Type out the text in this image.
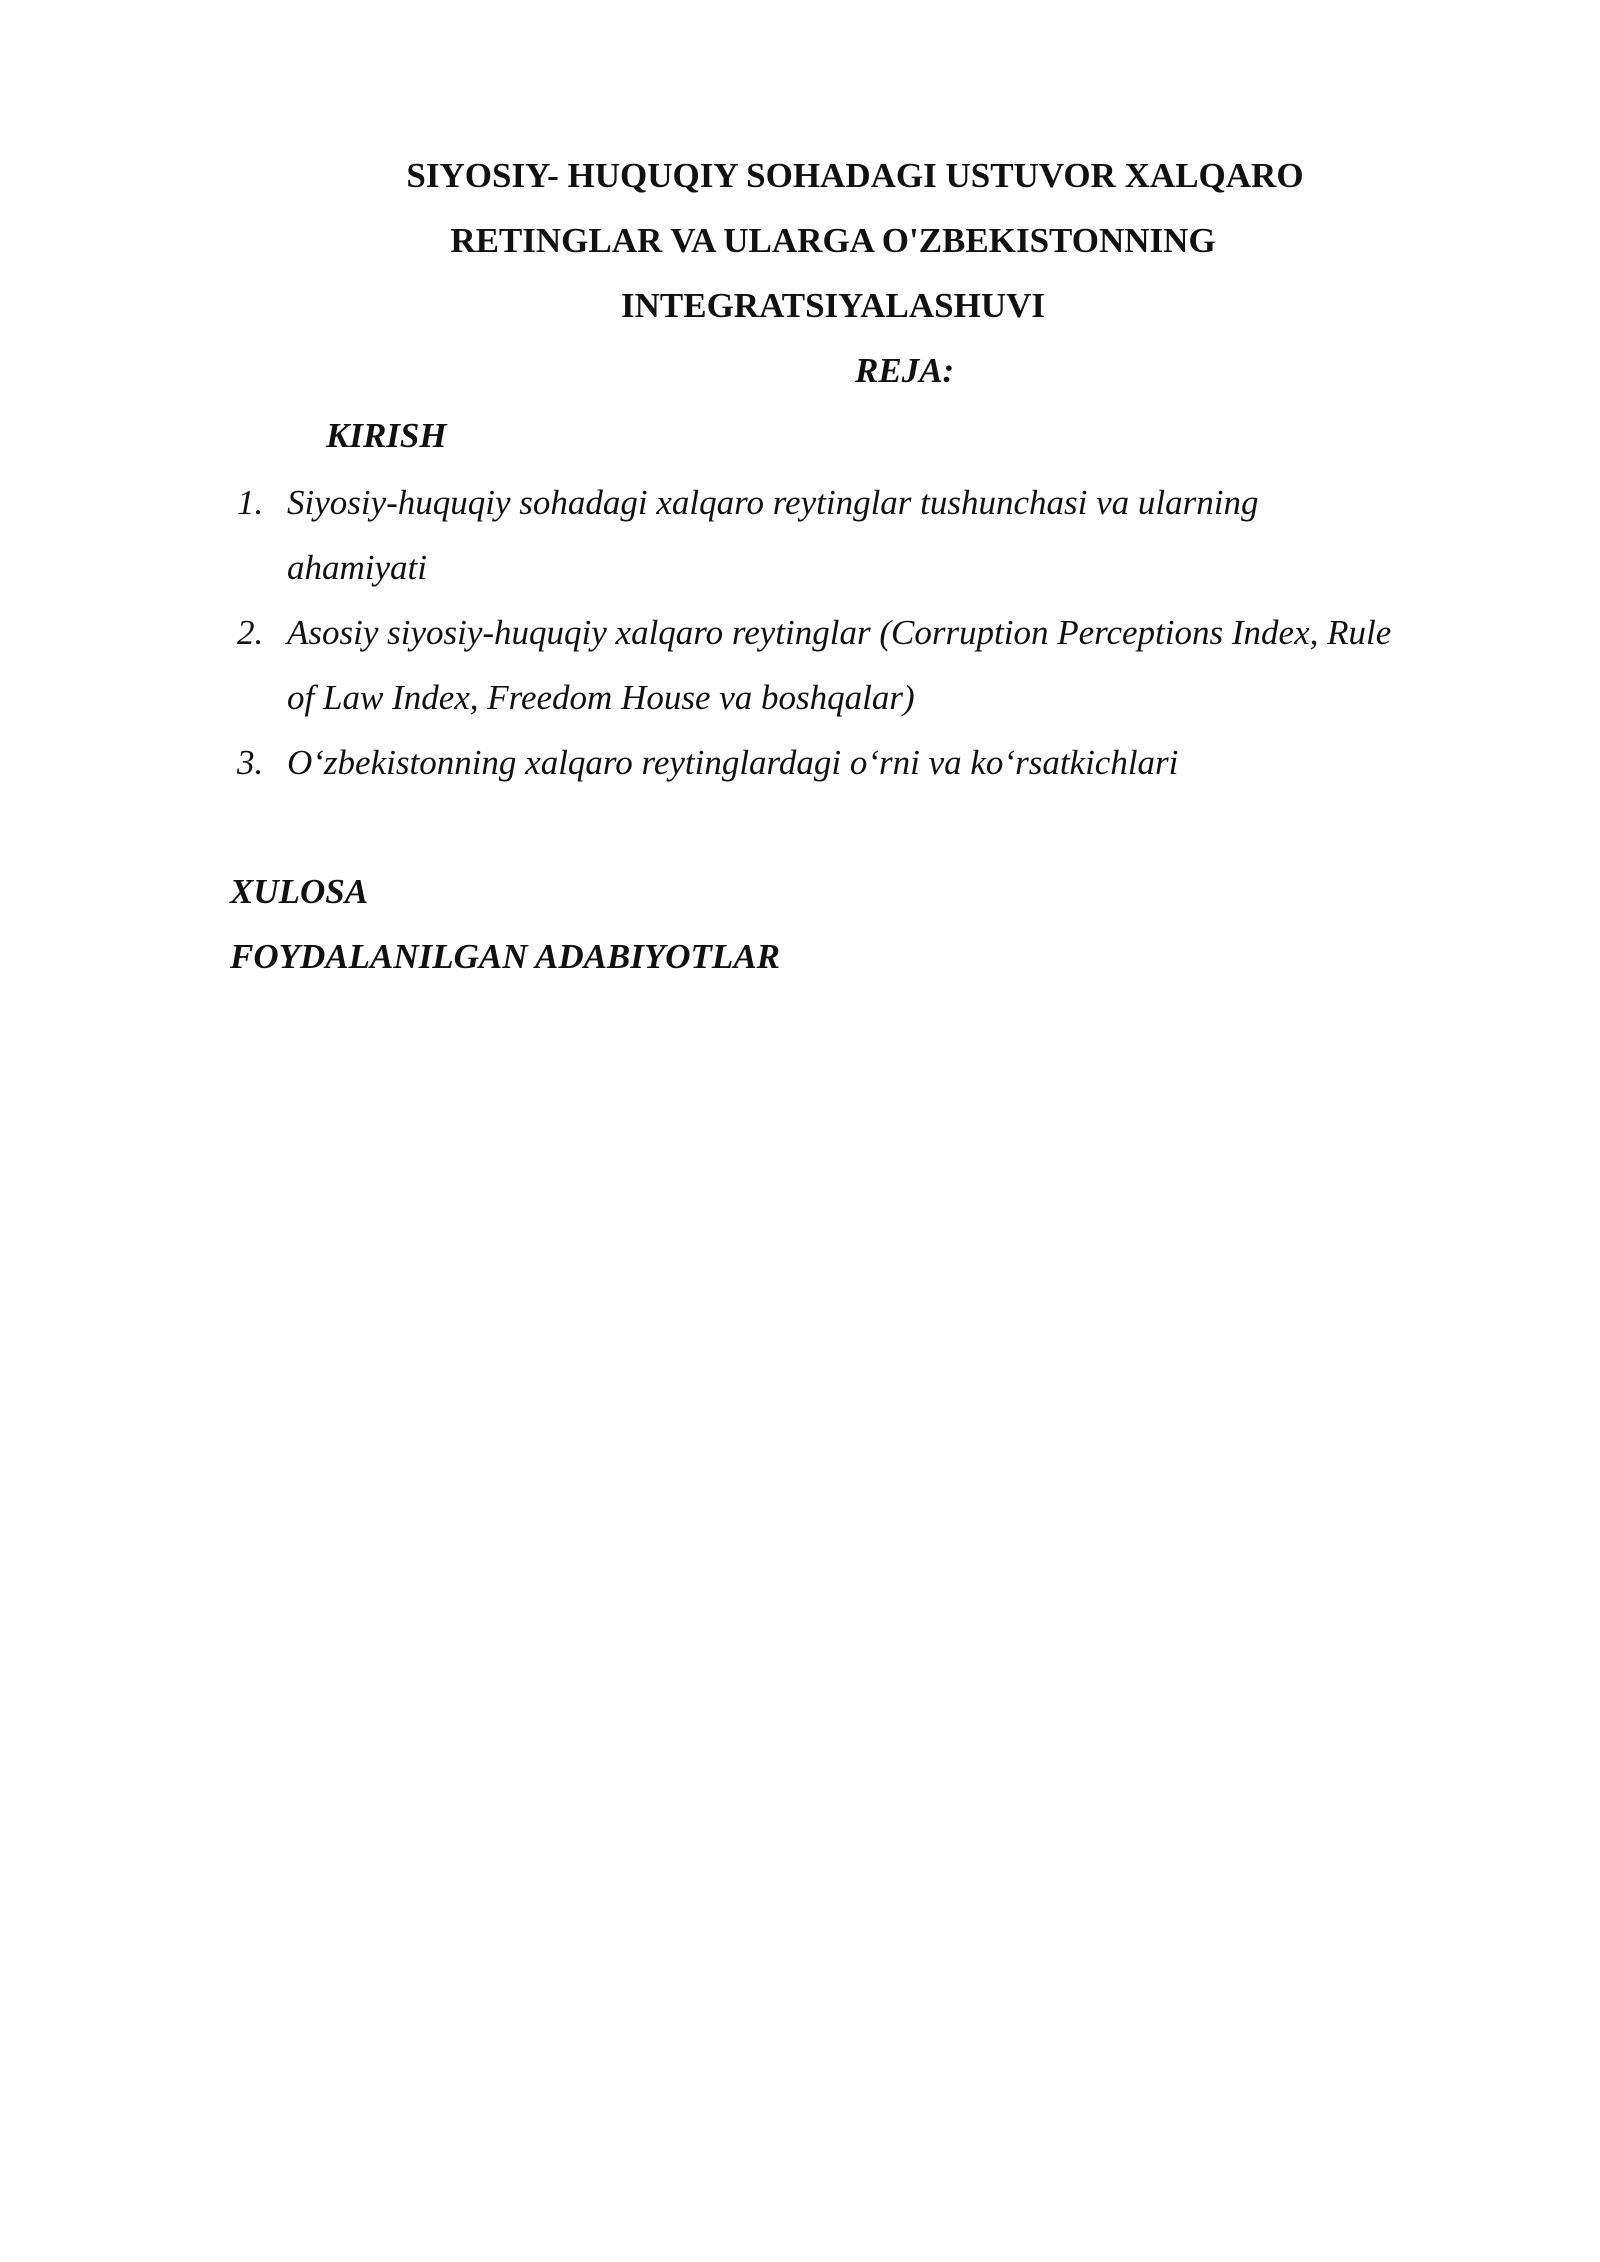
SIYOSIY- HUQUQIY SOHADAGI USTUVOR XALQARO
RETINGLAR VA ULARGA O'ZBEKISTONNING
INTEGRATSIYALASHUVI
REJA:
KIRISH
1. Siyosiy-huquqiy sohadagi xalqaro reytinglar tushunchasi va ularning
ahamiyati
2. Asosiy siyosiy-huquqiy xalqaro reytinglar (Corruption Perceptions Index, Rule
of Law Index, Freedom House va boshqalar)
3. O‘zbekistonning xalqaro reytinglardagi o‘rni va ko‘rsatkichlari
XULOSA
FOYDALANILGAN ADABIYOTLAR
